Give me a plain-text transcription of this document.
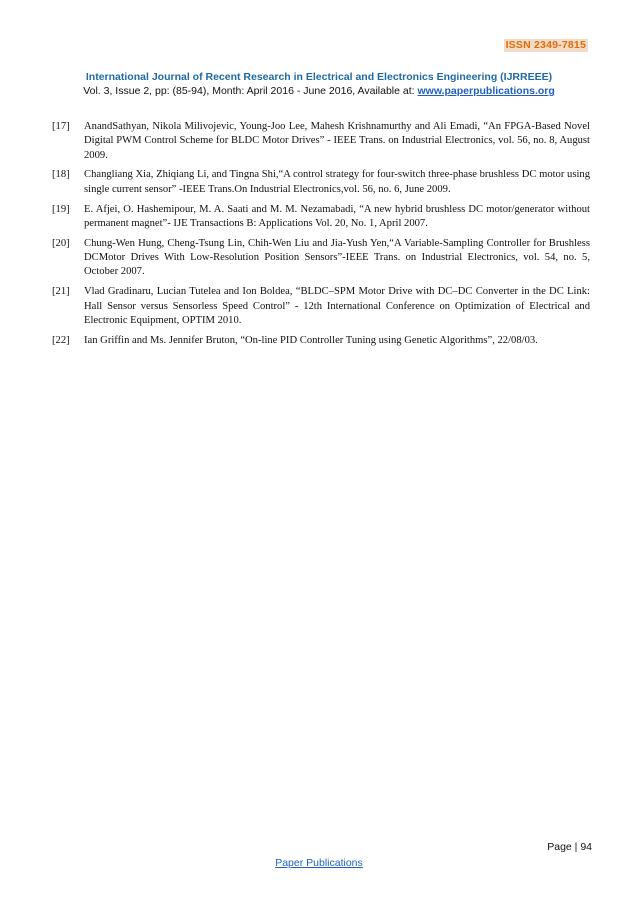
ISSN 2349-7815
International Journal of Recent Research in Electrical and Electronics Engineering (IJRREEE)
Vol. 3, Issue 2, pp: (85-94), Month: April 2016 - June 2016, Available at: www.paperpublications.org
[17] AnandSathyan, Nikola Milivojevic, Young-Joo Lee, Mahesh Krishnamurthy and Ali Emadi, “An FPGA-Based Novel Digital PWM Control Scheme for BLDC Motor Drives” - IEEE Trans. on Industrial Electronics, vol. 56, no. 8, August 2009.
[18] Changliang Xia, Zhiqiang Li, and Tingna Shi,“A control strategy for four-switch three-phase brushless DC motor using single current sensor” -IEEE Trans.On Industrial Electronics,vol. 56, no. 6, June 2009.
[19] E. Afjei, O. Hashemipour, M. A. Saati and M. M. Nezamabadi, “A new hybrid brushless DC motor/generator without permanent magnet”- IJE Transactions B: Applications Vol. 20, No. 1, April 2007.
[20] Chung-Wen Hung, Cheng-Tsung Lin, Chih-Wen Liu and Jia-Yush Yen,“A Variable-Sampling Controller for Brushless DCMotor Drives With Low-Resolution Position Sensors”-IEEE Trans. on Industrial Electronics, vol. 54, no. 5, October 2007.
[21] Vlad Gradinaru, Lucian Tutelea and Ion Boldea, “BLDC–SPM Motor Drive with DC–DC Converter in the DC Link: Hall Sensor versus Sensorless Speed Control” - 12th International Conference on Optimization of Electrical and Electronic Equipment, OPTIM 2010.
[22] Ian Griffin and Ms. Jennifer Bruton, “On-line PID Controller Tuning using Genetic Algorithms”, 22/08/03.
Page | 94
Paper Publications
